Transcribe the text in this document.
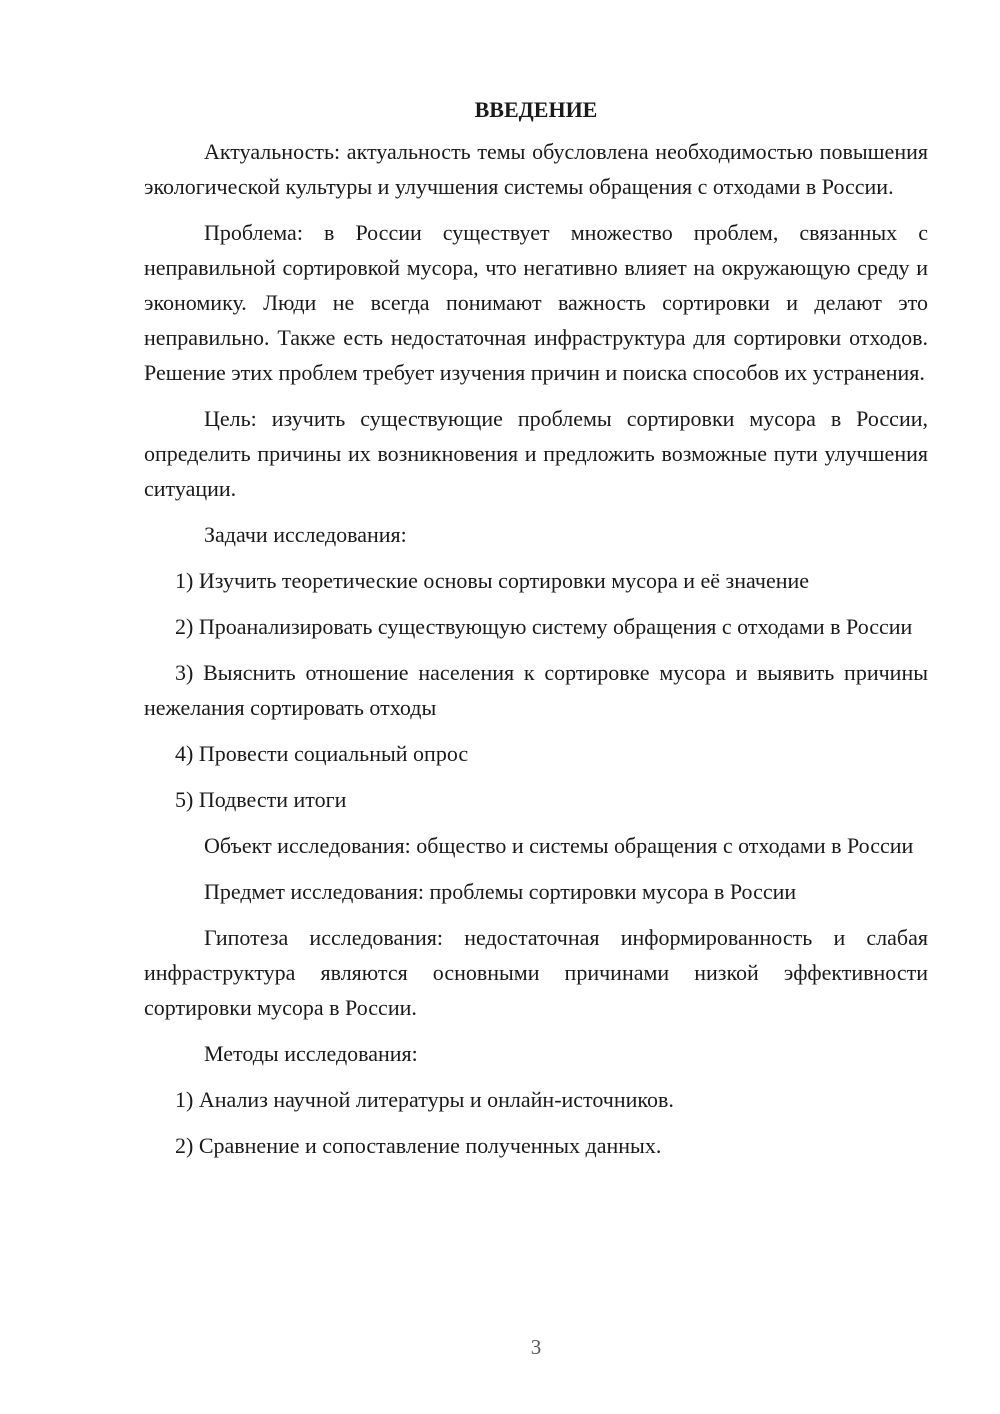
ВВЕДЕНИЕ

Актуальность: актуальность темы обусловлена необходимостью повышения экологической культуры и улучшения системы обращения с отходами в России.

Проблема: в России существует множество проблем, связанных с неправильной сортировкой мусора, что негативно влияет на окружающую среду и экономику. Люди не всегда понимают важность сортировки и делают это неправильно. Также есть недостаточная инфраструктура для сортировки отходов. Решение этих проблем требует изучения причин и поиска способов их устранения.

Цель: изучить существующие проблемы сортировки мусора в России, определить причины их возникновения и предложить возможные пути улучшения ситуации.

Задачи исследования:

1) Изучить теоретические основы сортировки мусора и её значение

2) Проанализировать существующую систему обращения с отходами в России

3) Выяснить отношение населения к сортировке мусора и выявить причины нежелания сортировать отходы

4) Провести социальный опрос

5) Подвести итоги

Объект исследования: общество и системы обращения с отходами в России

Предмет исследования: проблемы сортировки мусора в России

Гипотеза исследования: недостаточная информированность и слабая инфраструктура являются основными причинами низкой эффективности сортировки мусора в России.

Методы исследования:

1) Анализ научной литературы и онлайн-источников.

2) Сравнение и сопоставление полученных данных.

3
